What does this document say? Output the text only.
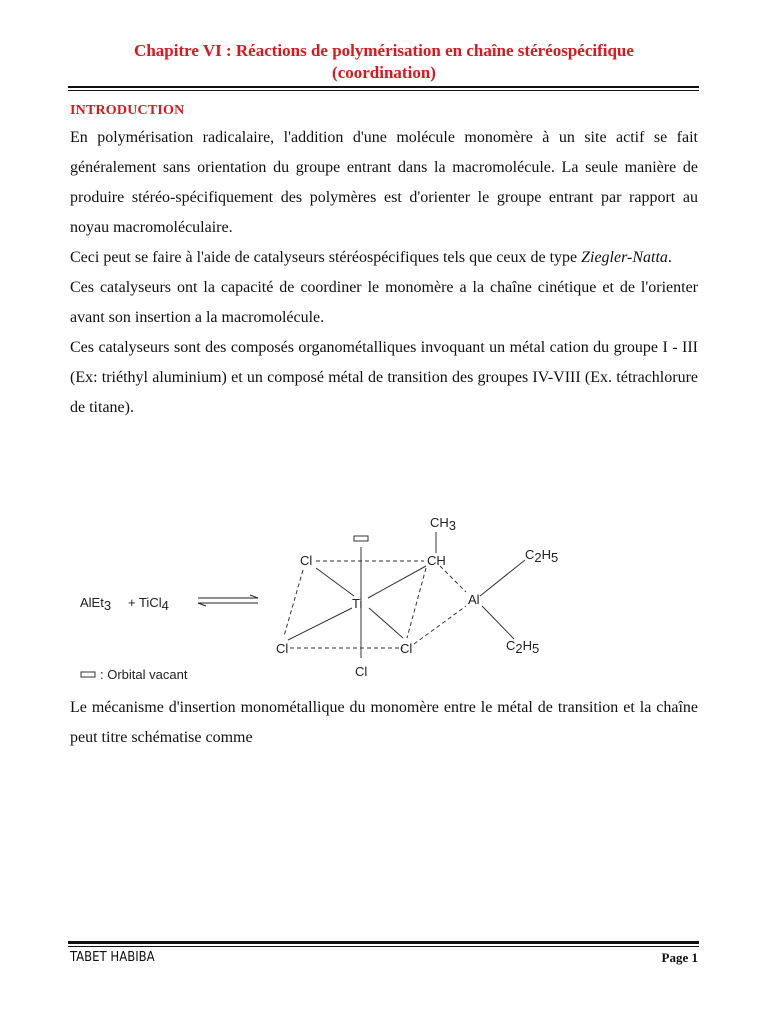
Chapitre VI : Réactions de polymérisation en chaîne stéréospécifique
(coordination)
INTRODUCTION

En polymérisation radicalaire, l'addition d'une molécule monomère à un site actif se fait généralement sans orientation du groupe entrant dans la macromolécule. La seule manière de produire stéréo-spécifiquement des polymères est d'orienter le groupe entrant par rapport au noyau macromoléculaire.

Ceci peut se faire à l'aide de catalyseurs stéréospécifiques tels que ceux de type Ziegler-Natta.

Ces catalyseurs ont la capacité de coordiner le monomère a la chaîne cinétique et de l'orienter avant son insertion a la macromolécule.

Ces catalyseurs sont des composés organométalliques invoquant un métal cation du groupe I - III (Ex: triéthyl aluminium) et un composé métal de transition des groupes IV-VIII (Ex. tétrachlorure de titane).

AlEt3 + TiCl4
Cl
Ti
Cl	Cl
Cl
CH
CH3
Al
C2H5
C2H5
: Orbital vacant

Le mécanisme d'insertion monométallique du monomère entre le métal de transition et la chaîne peut titre schématise comme

TABET HABIBA	Page 1
